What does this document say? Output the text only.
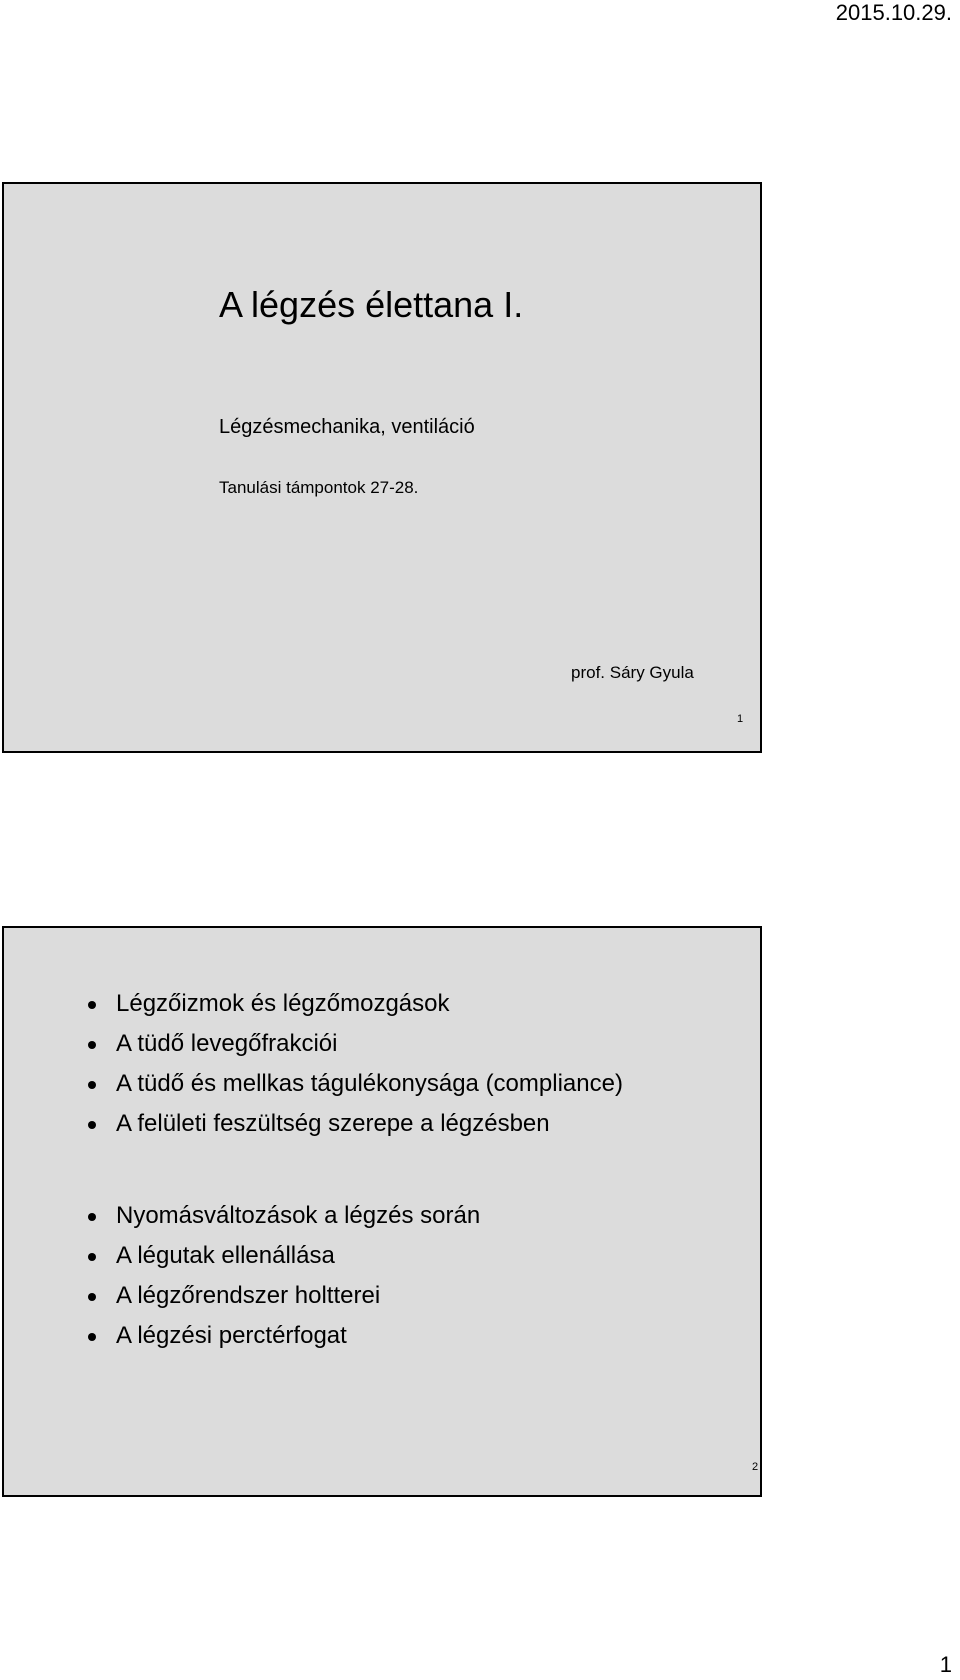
2015.10.29.
A légzés élettana I.
Légzésmechanika, ventiláció
Tanulási támpontok 27-28.
prof. Sáry Gyula
1
Légzőizmok és légzőmozgások
A tüdő levegőfrakciói
A tüdő és mellkas tágulékonysága (compliance)
A felületi feszültség szerepe a légzésben
Nyomásváltozások a légzés során
A légutak ellenállása
A légzőrendszer holtterei
A légzési perctérfogat
2
1
